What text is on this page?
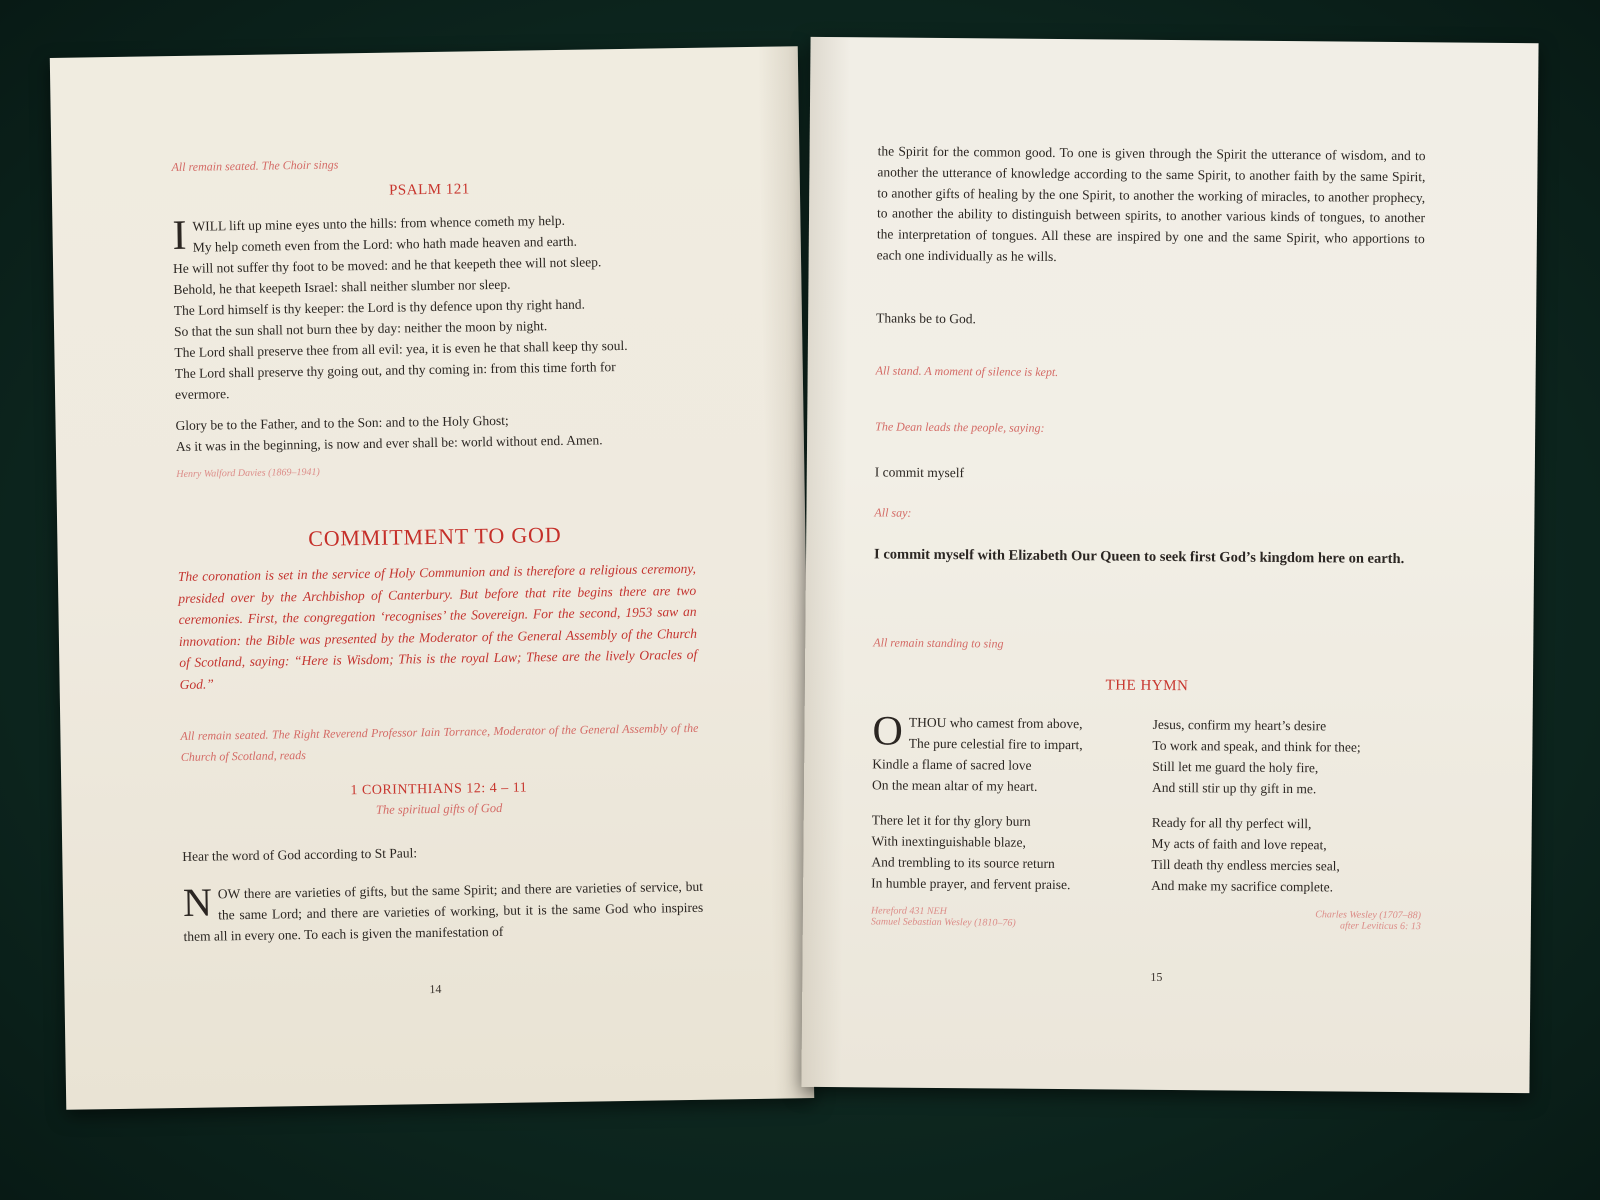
All remain seated. The Choir sings
PSALM 121
I WILL lift up mine eyes unto the hills: from whence cometh my help.

My help cometh even from the Lord: who hath made heaven and earth.

He will not suffer thy foot to be moved: and he that keepeth thee will not sleep.

Behold, he that keepeth Israel: shall neither slumber nor sleep.

The Lord himself is thy keeper: the Lord is thy defence upon thy right hand.

So that the sun shall not burn thee by day: neither the moon by night.

The Lord shall preserve thee from all evil: yea, it is even he that shall keep thy soul.

The Lord shall preserve thy going out, and thy coming in: from this time forth for

evermore.

Glory be to the Father, and to the Son: and to the Holy Ghost;

As it was in the beginning, is now and ever shall be: world without end. Amen.

Henry Walford Davies (1869–1941)
COMMITMENT TO GOD

The coronation is set in the service of Holy Communion and is therefore a religious ceremony, presided over by the Archbishop of Canterbury. But before that rite begins there are two ceremonies. First, the congregation ‘recognises’ the Sovereign. For the second, 1953 saw an innovation: the Bible was presented by the Moderator of the General Assembly of the Church of Scotland, saying: “Here is Wisdom; This is the royal Law; These are the lively Oracles of God.”

All remain seated. The Right Reverend Professor Iain Torrance, Moderator of the General Assembly of the Church of Scotland, reads

1 CORINTHIANS 12: 4 – 11
The spiritual gifts of God

Hear the word of God according to St Paul:

N OW there are varieties of gifts, but the same Spirit; and there are varieties of service, but the same Lord; and there are varieties of working, but it is the same God who inspires them all in every one. To each is given the manifestation of

14

the Spirit for the common good. To one is given through the Spirit the utterance of wisdom, and to another the utterance of knowledge according to the same Spirit, to another faith by the same Spirit, to another gifts of healing by the one Spirit, to another the working of miracles, to another prophecy, to another the ability to distinguish between spirits, to another various kinds of tongues, to another the interpretation of tongues. All these are inspired by one and the same Spirit, who apportions to each one individually as he wills.

Thanks be to God.

All stand. A moment of silence is kept.
The Dean leads the people, saying:

I commit myself

All say:

I commit myself with Elizabeth Our Queen to seek first God’s kingdom here on earth.

All remain standing to sing
THE HYMN
O THOU who camest from above,

The pure celestial fire to impart,

Kindle a flame of sacred love

On the mean altar of my heart.

There let it for thy glory burn

With inextinguishable blaze,

And trembling to its source return

In humble prayer, and fervent praise.

Jesus, confirm my heart’s desire

To work and speak, and think for thee;

Still let me guard the holy fire,

And still stir up thy gift in me.

Ready for all thy perfect will,

My acts of faith and love repeat,

Till death thy endless mercies seal,

And make my sacrifice complete.

Hereford 431 NEH
Samuel Sebastian Wesley (1810–76)
Charles Wesley (1707–88)
after Leviticus 6: 13
15
